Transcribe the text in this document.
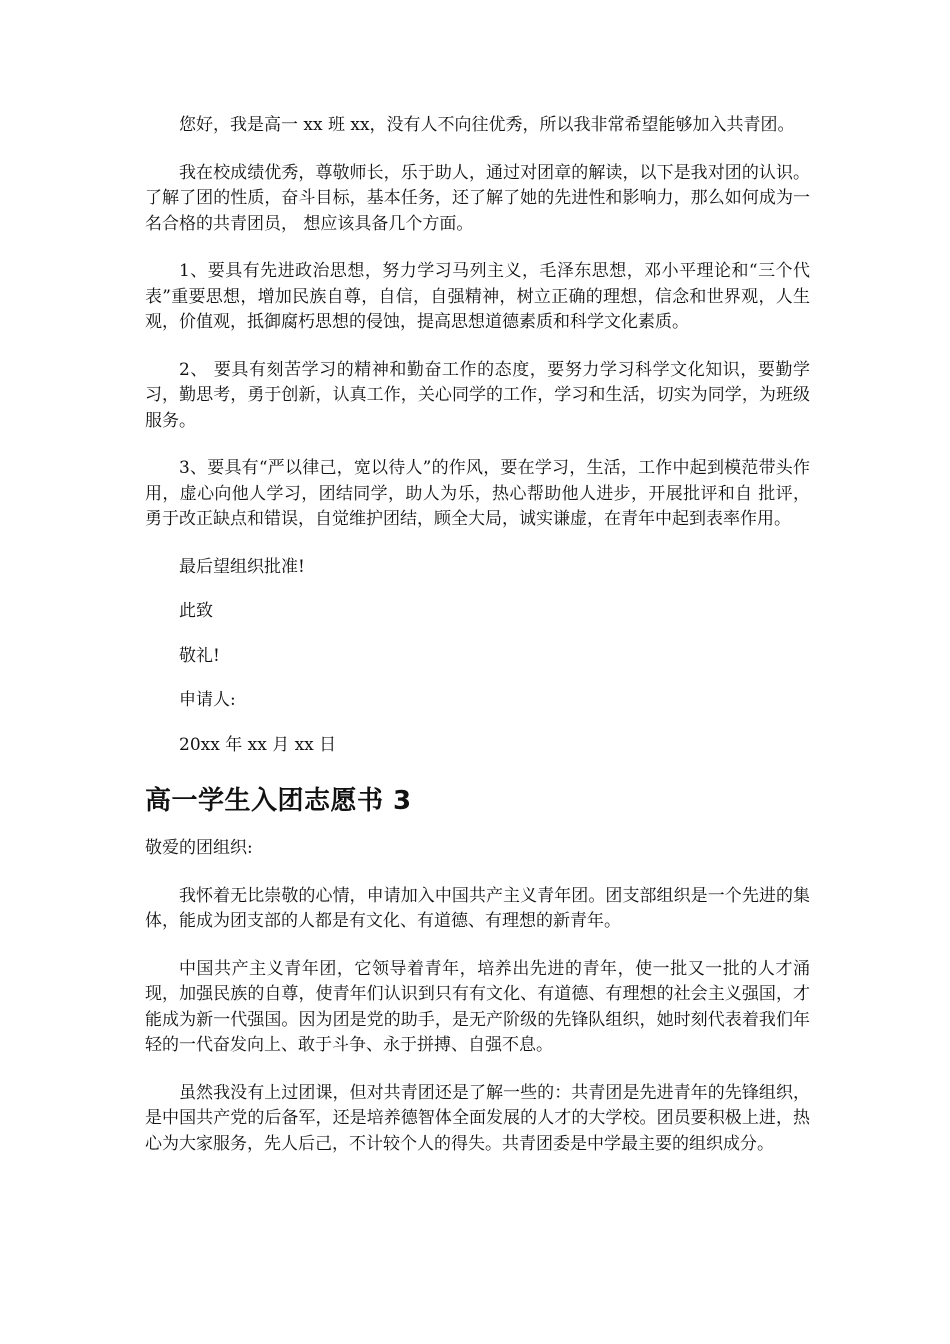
您好，我是高一 xx 班 xx，没有人不向往优秀，所以我非常希望能够加入共青团。

我在校成绩优秀，尊敬师长，乐于助人，通过对团章的解读，以下是我对团的认识。了解了团的性质，奋斗目标，基本任务，还了解了她的先进性和影响力，那么如何成为一名合格的共青团员， 想应该具备几个方面。

1、要具有先进政治思想，努力学习马列主义，毛泽东思想，邓小平理论和“三个代表”重要思想，增加民族自尊，自信，自强精神，树立正确的理想，信念和世界观，人生观，价值观，抵御腐朽思想的侵蚀，提高思想道德素质和科学文化素质。

2、 要具有刻苦学习的精神和勤奋工作的态度，要努力学习科学文化知识，要勤学习，勤思考，勇于创新，认真工作，关心同学的工作，学习和生活，切实为同学，为班级服务。

3、要具有“严以律己，宽以待人”的作风，要在学习，生活，工作中起到模范带头作用，虚心向他人学习，团结同学，助人为乐，热心帮助他人进步，开展批评和自 批评，勇于改正缺点和错误，自觉维护团结，顾全大局，诚实谦虚，在青年中起到表率作用。

最后望组织批准!

此致

敬礼!

申请人:

20xx 年 xx 月 xx 日

高一学生入团志愿书 3

敬爱的团组织:

我怀着无比崇敬的心情，申请加入中国共产主义青年团。团支部组织是一个先进的集体，能成为团支部的人都是有文化、有道德、有理想的新青年。

中国共产主义青年团，它领导着青年，培养出先进的青年，使一批又一批的人才涌现，加强民族的自尊，使青年们认识到只有有文化、有道德、有理想的社会主义强国，才能成为新一代强国。因为团是党的助手，是无产阶级的先锋队组织，她时刻代表着我们年轻的一代奋发向上、敢于斗争、永于拼搏、自强不息。

虽然我没有上过团课，但对共青团还是了解一些的：共青团是先进青年的先锋组织，是中国共产党的后备军，还是培养德智体全面发展的人才的大学校。团员要积极上进，热心为大家服务，先人后己，不计较个人的得失。共青团委是中学最主要的组织成分。
